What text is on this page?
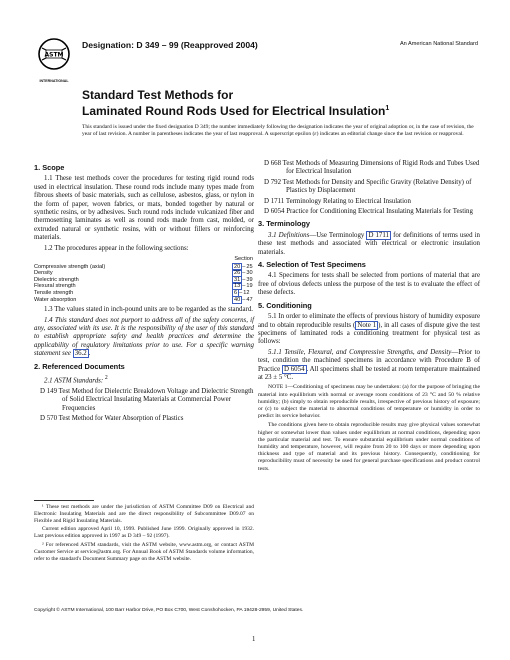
ASTM
INTERNATIONAL
Designation: D 349 – 99 (Reapproved 2004)	An American National Standard
Standard Test Methods for
Laminated Round Rods Used for Electrical Insulation$^1$
This standard is issued under the fixed designation D 349; the number immediately following the designation indicates the year of original adoption or, in the case of revision, the year of last revision. A number in parentheses indicates the year of last reapproval. A superscript epsilon (ε) indicates an editorial change since the last revision or reapproval.
1. Scope

1.1 These test methods cover the procedures for testing rigid round rods used in electrical insulation. These round rods include many types made from fibrous sheets of basic materials, such as cellulose, asbestos, glass, or nylon in the form of paper, woven fabrics, or mats, bonded together by natural or synthetic resins, or by adhesives. Such round rods include vulcanized fiber and thermosetting laminates as well as round rods made from cast, molded, or extruded natural or synthetic resins, with or without fillers or reinforcing materials.

1.2 The procedures appear in the following sections:

	Section
Compressive strength (axial)	20 –25
Density	26 –30
Dielectric strength	31 –39
Flexural strength	13 –19
Tensile strength	6 –12
Water absorption	40 –47

1.3 The values stated in inch-pound units are to be regarded as the standard.

1.4 This standard does not purport to address all of the safety concerns, if any, associated with its use. It is the responsibility of the user of this standard to establish appropriate safety and health practices and determine the applicability of regulatory limitations prior to use. For a specific warning statement see 36.2 .

2. Referenced Documents

2.1 ASTM Standards: $^2$

D 149 Test Method for Dielectric Breakdown Voltage and Dielectric Strength of Solid Electrical Insulating Materials at Commercial Power Frequencies

D 570 Test Method for Water Absorption of Plastics

¹ These test methods are under the jurisdiction of ASTM Committee D09 on Electrical and Electronic Insulating Materials and are the direct responsibility of Subcommittee D09.07 on Flexible and Rigid Insulating Materials.

Current edition approved April 10, 1999. Published June 1999. Originally approved in 1932. Last previous edition approved in 1997 as D 349 – 92 (1997).

² For referenced ASTM standards, visit the ASTM website, www.astm.org, or contact ASTM Customer Service at service@astm.org. For Annual Book of ASTM Standards volume information, refer to the standard's Document Summary page on the ASTM website.

D 668 Test Methods of Measuring Dimensions of Rigid Rods and Tubes Used for Electrical Insulation

D 792 Test Methods for Density and Specific Gravity (Relative Density) of Plastics by Displacement

D 1711 Terminology Relating to Electrical Insulation

D 6054 Practice for Conditioning Electrical Insulating Materials for Testing

3. Terminology

3.1 Definitions—Use Terminology D 1711 for definitions of terms used in these test methods and associated with electrical or electronic insulation materials.

4. Selection of Test Specimens

4.1 Specimens for tests shall be selected from portions of material that are free of obvious defects unless the purpose of the test is to evaluate the effect of these defects.

5. Conditioning

5.1 In order to eliminate the effects of previous history of humidity exposure and to obtain reproducible results ( Note 1 ), in all cases of dispute give the test specimens of laminated rods a conditioning treatment for physical test as follows:

5.1.1 Tensile, Flexural, and Compressive Strengths, and Density—Prior to test, condition the machined specimens in accordance with Procedure B of Practice D 6054 . All specimens shall be tested at room temperature maintained at 23 ± 5 °C.

NOTE 1—Conditioning of specimens may be undertaken: (a) for the purpose of bringing the material into equilibrium with normal or average room conditions of 23 °C and 50 % relative humidity; (b) simply to obtain reproducible results, irrespective of previous history of exposure; or (c) to subject the material to abnormal conditions of temperature or humidity in order to predict its service behavior.

The conditions given here to obtain reproducible results may give physical values somewhat higher or somewhat lower than values under equilibrium at normal conditions, depending upon the particular material and test. To ensure substantial equilibrium under normal conditions of humidity and temperature, however, will require from 20 to 100 days or more depending upon thickness and type of material and its previous history. Consequently, conditioning for reproducibility must of necessity be used for general purchase specifications and product control tests.

Copyright © ASTM International, 100 Barr Harbor Drive, PO Box C700, West Conshohocken, PA 19428-2959, United States.
1
